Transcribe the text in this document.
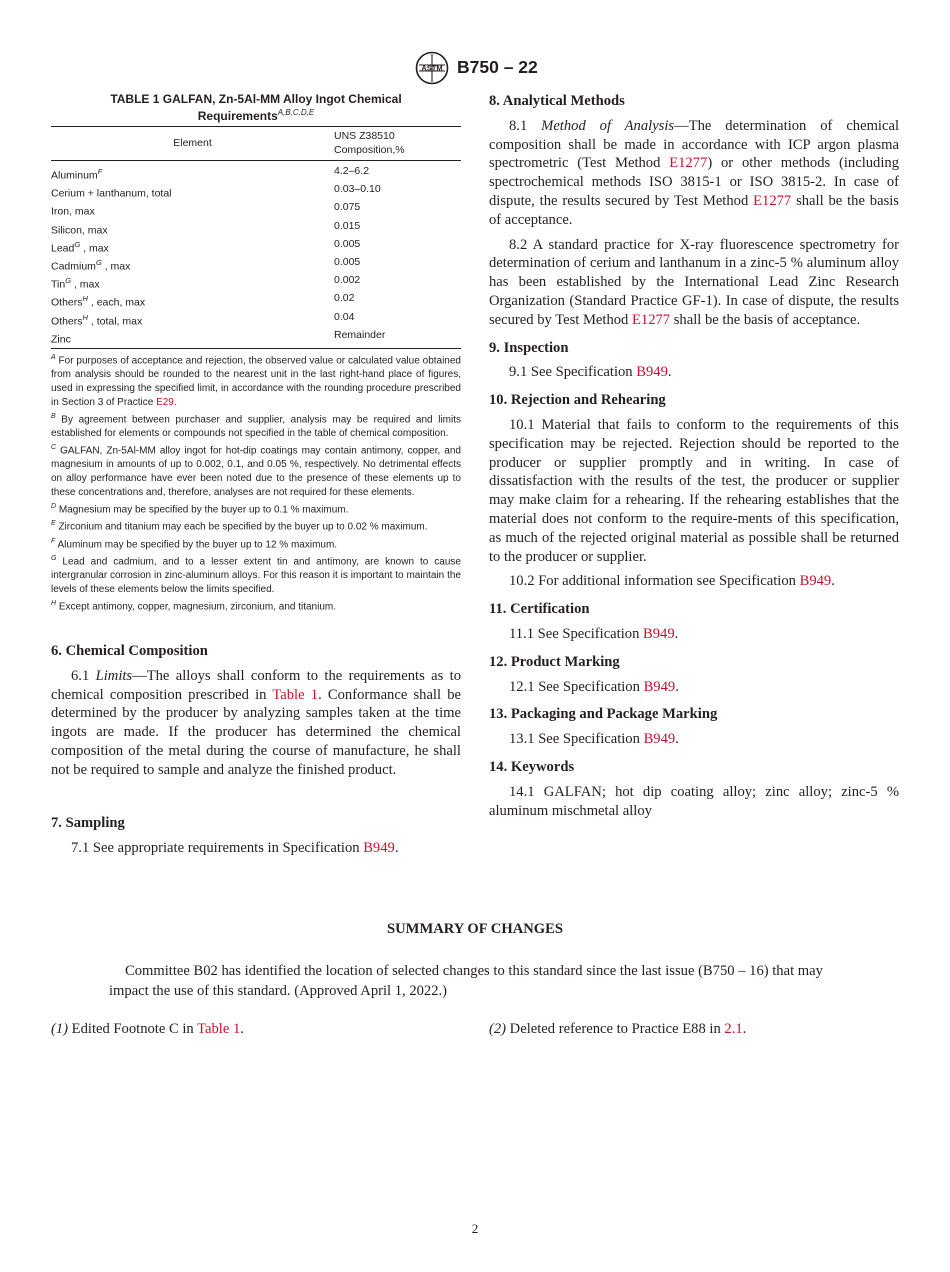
ASTM B750 – 22
TABLE 1 GALFAN, Zn-5Al-MM Alloy Ingot Chemical Requirements$^{A,B,C,D,E}$
Element	UNS Z38510
Composition,%
Aluminum$^F$	4.2–6.2
Cerium + lanthanum, total	0.03–0.10
Iron, max	0.075
Silicon, max	0.015
Lead$^G$ , max	0.005
Cadmium$^G$ , max	0.005
Tin$^G$ , max	0.002
Others$^H$ , each, max	0.02
Others$^H$ , total, max	0.04
Zinc	Remainder

$^A$ For purposes of acceptance and rejection, the observed value or calculated value obtained from analysis should be rounded to the nearest unit in the last right-hand place of figures, used in expressing the specified limit, in accordance with the rounding procedure prescribed in Section 3 of Practice E29.

$^B$ By agreement between purchaser and supplier, analysis may be required and limits established for elements or compounds not specified in the table of chemical composition.

$^C$ GALFAN, Zn-5Al-MM alloy ingot for hot-dip coatings may contain antimony, copper, and magnesium in amounts of up to 0.002, 0.1, and 0.05 %, respectively. No detrimental effects on alloy performance have ever been noted due to the presence of these elements up to these concentrations and, therefore, analyses are not required for these elements.

$^D$ Magnesium may be specified by the buyer up to 0.1 % maximum.

$^E$ Zirconium and titanium may each be specified by the buyer up to 0.02 % maximum.

$^F$ Aluminum may be specified by the buyer up to 12 % maximum.

$^G$ Lead and cadmium, and to a lesser extent tin and antimony, are known to cause intergranular corrosion in zinc-aluminum alloys. For this reason it is important to maintain the levels of these elements below the limits specified.

$^H$ Except antimony, copper, magnesium, zirconium, and titanium.

6. Chemical Composition

6.1 Limits—The alloys shall conform to the requirements as to chemical composition prescribed in Table 1. Conformance shall be determined by the producer by analyzing samples taken at the time ingots are made. If the producer has determined the chemical composition of the metal during the course of manufacture, he shall not be required to sample and analyze the finished product.

7. Sampling

7.1 See appropriate requirements in Specification B949.

8. Analytical Methods

8.1 Method of Analysis—The determination of chemical composition shall be made in accordance with ICP argon plasma spectrometric (Test Method E1277) or other methods (including spectrochemical methods ISO 3815-1 or ISO 3815-2. In case of dispute, the results secured by Test Method E1277 shall be the basis of acceptance.

8.2 A standard practice for X-ray fluorescence spectrometry for determination of cerium and lanthanum in a zinc-5 % aluminum alloy has been established by the International Lead Zinc Research Organization (Standard Practice GF-1). In case of dispute, the results secured by Test Method E1277 shall be the basis of acceptance.

9. Inspection

9.1 See Specification B949.

10. Rejection and Rehearing

10.1 Material that fails to conform to the requirements of this specification may be rejected. Rejection should be reported to the producer or supplier promptly and in writing. In case of dissatisfaction with the results of the test, the producer or supplier may make claim for a rehearing. If the rehearing establishes that the material does not conform to the require-ments of this specification, as much of the rejected original material as possible shall be returned to the producer or supplier.

10.2 For additional information see Specification B949.

11. Certification

11.1 See Specification B949.

12. Product Marking

12.1 See Specification B949.

13. Packaging and Package Marking

13.1 See Specification B949.

14. Keywords

14.1 GALFAN; hot dip coating alloy; zinc alloy; zinc-5 % aluminum mischmetal alloy

SUMMARY OF CHANGES
Committee B02 has identified the location of selected changes to this standard since the last issue (B750 – 16) that may impact the use of this standard. (Approved April 1, 2022.)
(1) Edited Footnote C in Table 1.	(2) Deleted reference to Practice E88 in 2.1.
2
